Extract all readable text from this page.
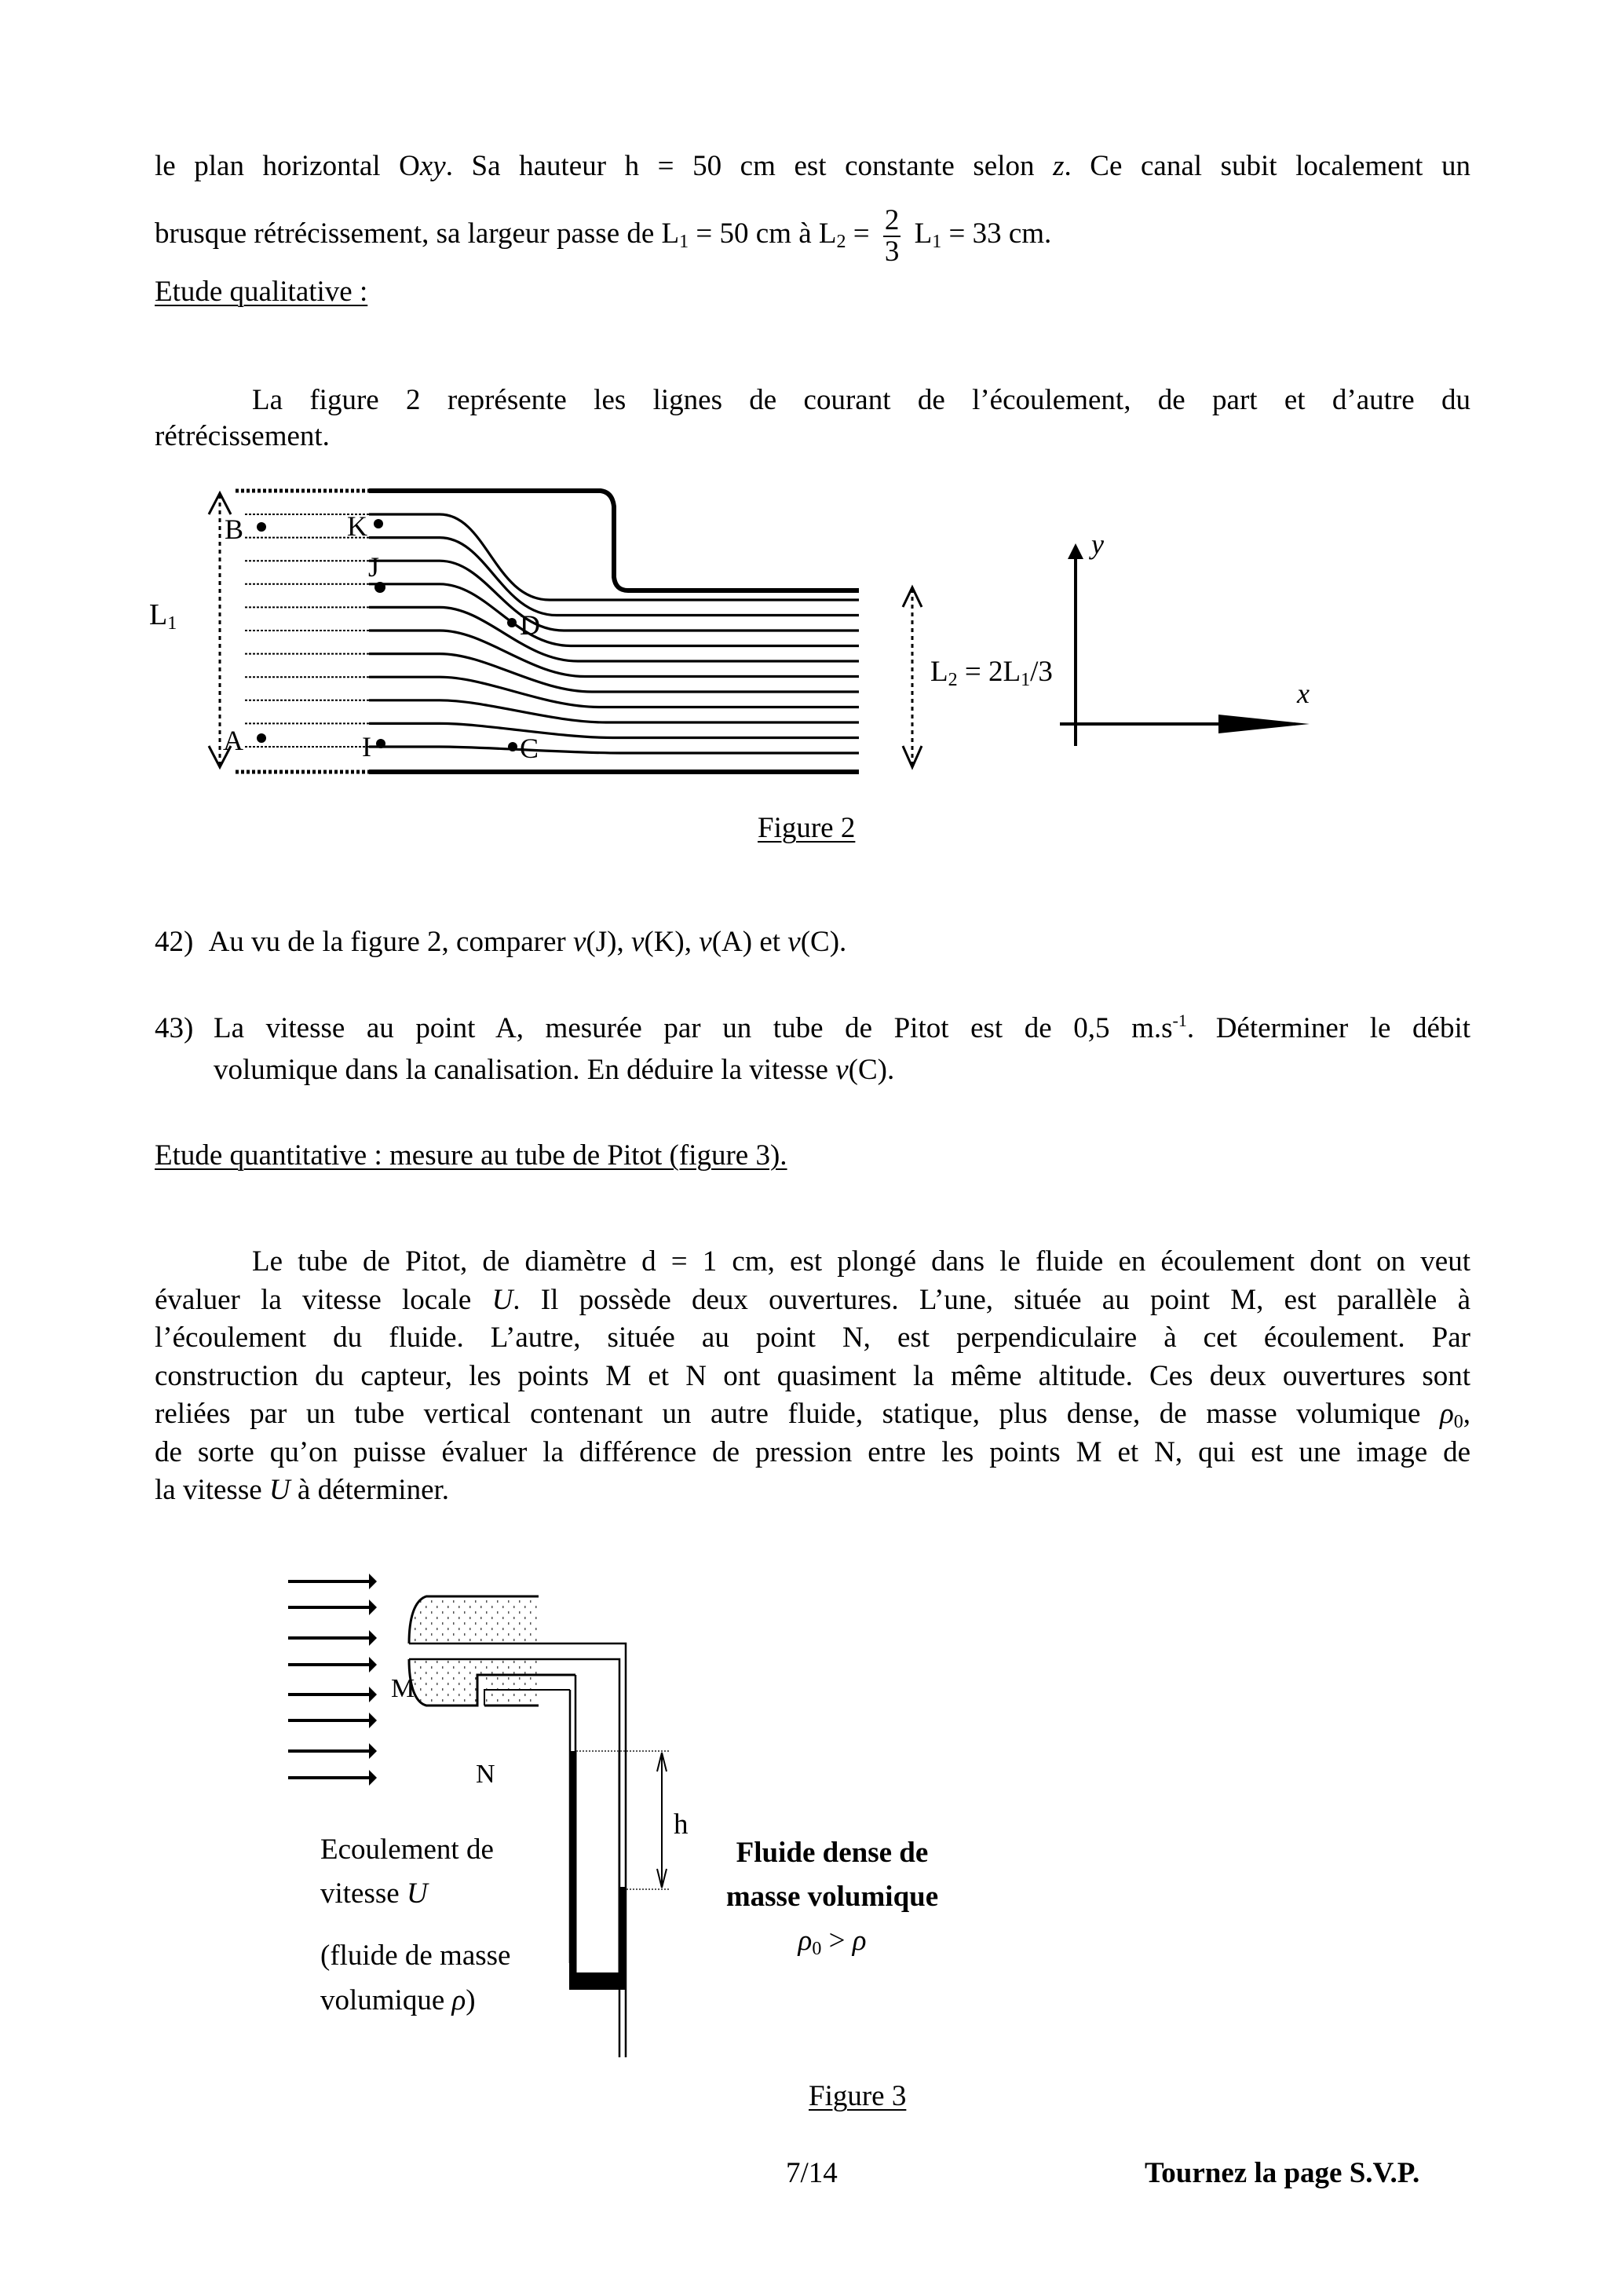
le plan horizontal Oxy. Sa hauteur h = 50 cm est constante selon z. Ce canal subit localement un
brusque rétrécissement, sa largeur passe de $L_1 = 50$ cm à $L_2 = \frac{2}{3} L_1 = 33$ cm.
Etude qualitative :
La figure 2 représente les lignes de courant de l’écoulement, de part et d’autre du
rétrécissement.
B
A
K
J
I
D
C
L1
L2 = 2L1/3
y
x
Figure 2
42) Au vu de la figure 2, comparer v(J), v(K), v(A) et v(C).
43) La vitesse au point A, mesurée par un tube de Pitot est de 0,5 $m.s^{-1}$. Déterminer le débit
volumique dans la canalisation. En déduire la vitesse v(C).
Etude quantitative : mesure au tube de Pitot (figure 3).
Le tube de Pitot, de diamètre d = 1 cm, est plongé dans le fluide en écoulement dont on veut
évaluer la vitesse locale U. Il possède deux ouvertures. L’une, située au point M, est parallèle à
l’écoulement du fluide. L’autre, située au point N, est perpendiculaire à cet écoulement. Par
construction du capteur, les points M et N ont quasiment la même altitude. Ces deux ouvertures sont
reliées par un tube vertical contenant un autre fluide, statique, plus dense, de masse volumique $\rho_0$,
de sorte qu’on puisse évaluer la différence de pression entre les points M et N, qui est une image de
la vitesse U à déterminer.
M
N
h
Ecoulement de
vitesse U
(fluide de masse
volumique ρ)
Fluide dense de
masse volumique
$\rho_0 > \rho$
Figure 3
7/14	Tournez la page S.V.P.
